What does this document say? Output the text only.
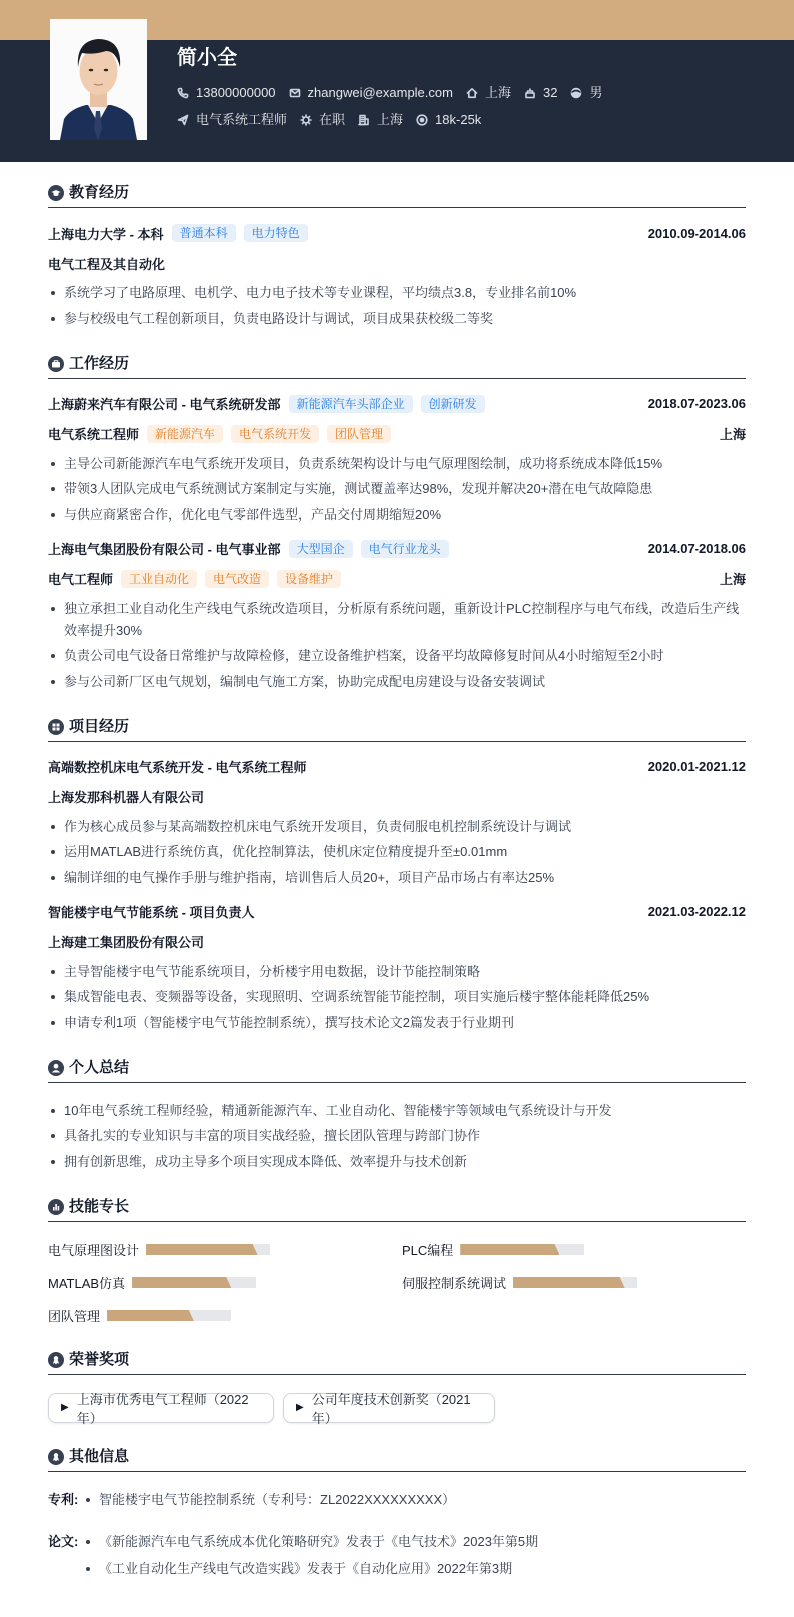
简小全
13800000000 zhangwei@example.com 上海 32 男
电气系统工程师 在职 上海 18k-25k
教育经历
上海电力大学 - 本科	普通本科	电力特色	2010.09-2014.06
电气工程及其自动化
系统学习了电路原理、电机学、电力电子技术等专业课程，平均绩点3.8，专业排名前10%
参与校级电气工程创新项目，负责电路设计与调试，项目成果获校级二等奖
工作经历
上海蔚来汽车有限公司 - 电气系统研发部	新能源汽车头部企业	创新研发	2018.07-2023.06
电气系统工程师	新能源汽车	电气系统开发	团队管理	上海
主导公司新能源汽车电气系统开发项目，负责系统架构设计与电气原理图绘制，成功将系统成本降低15%
带领3人团队完成电气系统测试方案制定与实施，测试覆盖率达98%，发现并解决20+潜在电气故障隐患
与供应商紧密合作，优化电气零部件选型，产品交付周期缩短20%
上海电气集团股份有限公司 - 电气事业部	大型国企	电气行业龙头	2014.07-2018.06
电气工程师	工业自动化	电气改造	设备维护	上海
独立承担工业自动化生产线电气系统改造项目，分析原有系统问题，重新设计PLC控制程序与电气布线，改造后生产线效率提升30%
负责公司电气设备日常维护与故障检修，建立设备维护档案，设备平均故障修复时间从4小时缩短至2小时
参与公司新厂区电气规划，编制电气施工方案，协助完成配电房建设与设备安装调试
项目经历
高端数控机床电气系统开发 - 电气系统工程师	2020.01-2021.12
上海发那科机器人有限公司
作为核心成员参与某高端数控机床电气系统开发项目，负责伺服电机控制系统设计与调试
运用MATLAB进行系统仿真，优化控制算法，使机床定位精度提升至±0.01mm
编制详细的电气操作手册与维护指南，培训售后人员20+，项目产品市场占有率达25%
智能楼宇电气节能系统 - 项目负责人	2021.03-2022.12
上海建工集团股份有限公司
主导智能楼宇电气节能系统项目，分析楼宇用电数据，设计节能控制策略
集成智能电表、变频器等设备，实现照明、空调系统智能节能控制，项目实施后楼宇整体能耗降低25%
申请专利1项（智能楼宇电气节能控制系统），撰写技术论文2篇发表于行业期刊
个人总结
10年电气系统工程师经验，精通新能源汽车、工业自动化、智能楼宇等领域电气系统设计与开发
具备扎实的专业知识与丰富的项目实战经验，擅长团队管理与跨部门协作
拥有创新思维，成功主导多个项目实现成本降低、效率提升与技术创新
技能专长
电气原理图设计	PLC编程
MATLAB仿真	伺服控制系统调试
团队管理
荣誉奖项
▶
上海市优秀电气工程师（2022年）
▶
公司年度技术创新奖（2021年）
其他信息
专利:	智能楼宇电气节能控制系统（专利号：ZL2022XXXXXXXXX）
论文:	《新能源汽车电气系统成本优化策略研究》发表于《电气技术》2023年第5期
《工业自动化生产线电气改造实践》发表于《自动化应用》2022年第3期
